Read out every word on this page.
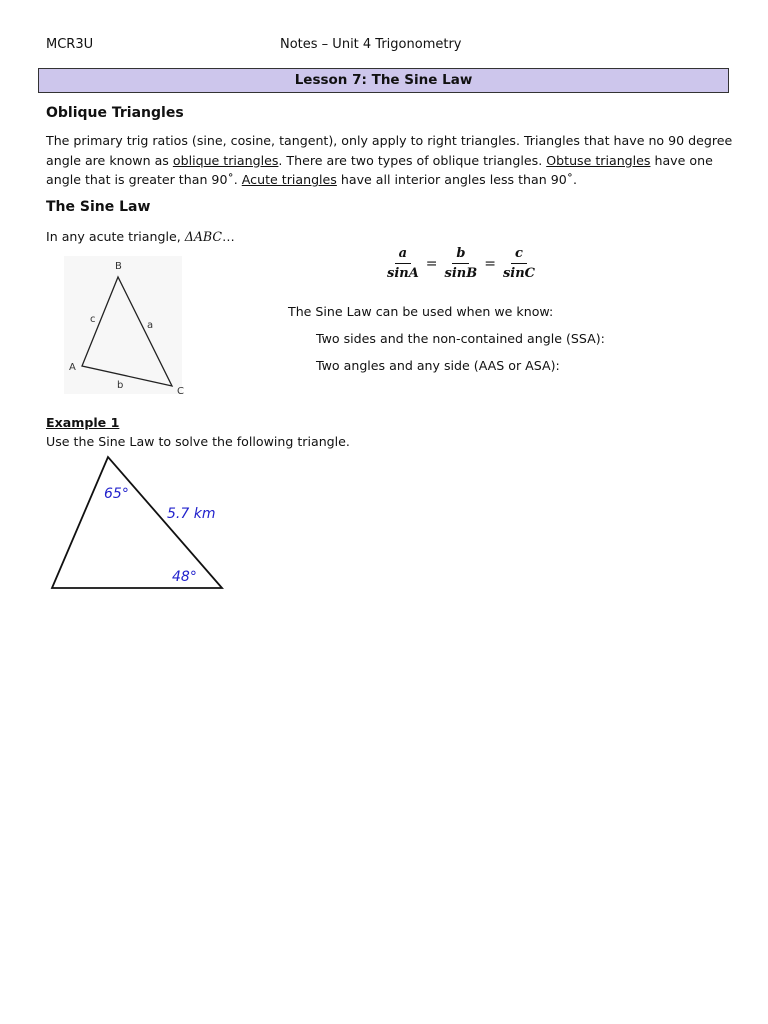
MCR3U	Notes – Unit 4 Trigonometry
Lesson 7: The Sine Law
Oblique Triangles
The primary trig ratios (sine, cosine, tangent), only apply to right triangles. Triangles that have no 90 degree
angle are known as oblique triangles. There are two types of oblique triangles. Obtuse triangles have one
angle that is greater than 90˚. Acute triangles have all interior angles less than 90˚.
The Sine Law
In any acute triangle, ΔABC…
$\frac{a}{\sin A} = \frac{b}{\sin B} = \frac{c}{\sin C}$
The Sine Law can be used when we know:
Two sides and the non-contained angle (SSA):
Two angles and any side (AAS or ASA):
B
A
C
c
a
b
Example 1
Use the Sine Law to solve the following triangle.
65°
5.7 km
48°
